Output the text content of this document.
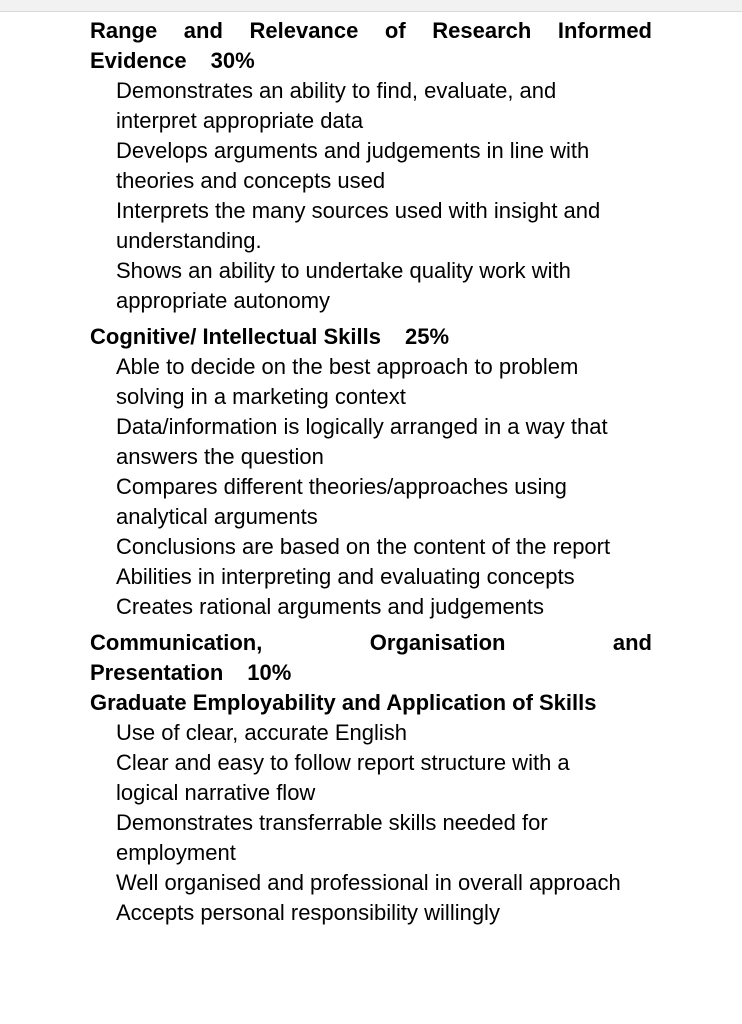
Range and Relevance of Research Informed Evidence 30%
Demonstrates an ability to find, evaluate, and interpret appropriate data
Develops arguments and judgements in line with theories and concepts used
Interprets the many sources used with insight and understanding.
Shows an ability to undertake quality work with appropriate autonomy
Cognitive/ Intellectual Skills 25%
Able to decide on the best approach to problem solving in a marketing context
Data/information is logically arranged in a way that answers the question
Compares different theories/approaches using analytical arguments
Conclusions are based on the content of the report
Abilities in interpreting and evaluating concepts
Creates rational arguments and judgements
Communication, Organisation and
Presentation 10%
Graduate Employability and Application of Skills
Use of clear, accurate English
Clear and easy to follow report structure with a logical narrative flow
Demonstrates transferrable skills needed for employment
Well organised and professional in overall approach
Accepts personal responsibility willingly
